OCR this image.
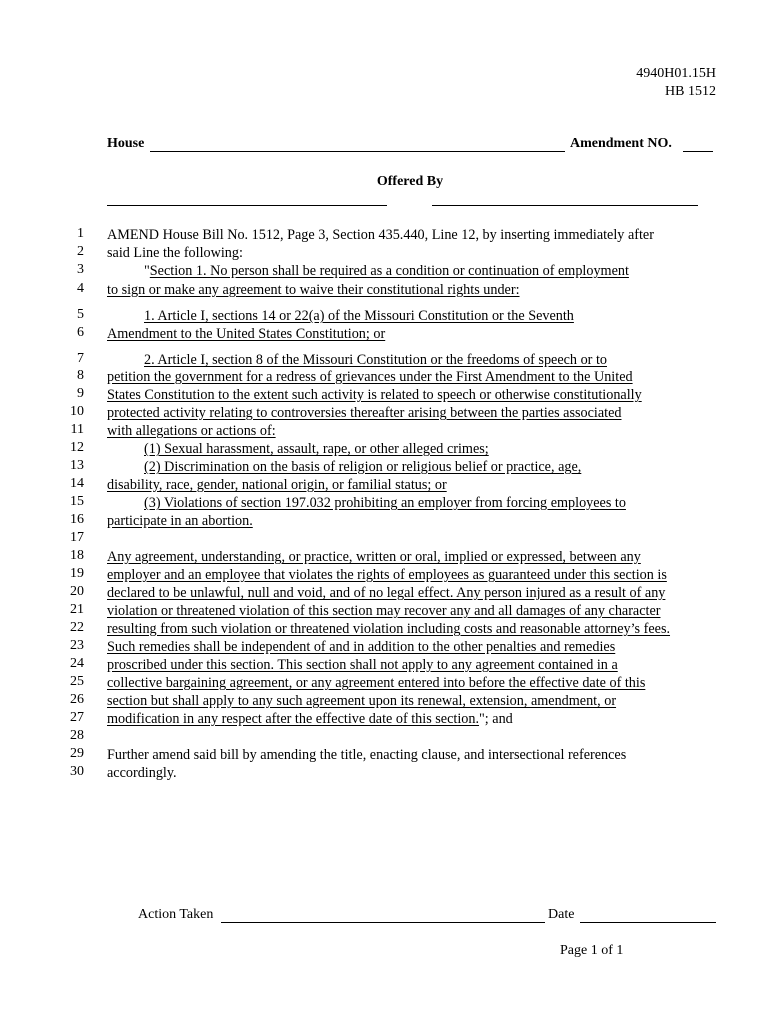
4940H01.15H
HB 1512
House	Amendment NO.
Offered By
1 AMEND House Bill No. 1512, Page 3, Section 435.440, Line 12, by inserting immediately after
2 said Line the following:
3	"Section 1. No person shall be required as a condition or continuation of employment
4 to sign or make any agreement to waive their constitutional rights under:
5	1. Article I, sections 14 or 22(a) of the Missouri Constitution or the Seventh
6 Amendment to the United States Constitution; or
7	2. Article I, section 8 of the Missouri Constitution or the freedoms of speech or to
8 petition the government for a redress of grievances under the First Amendment to the United
9 States Constitution to the extent such activity is related to speech or otherwise constitutionally
10 protected activity relating to controversies thereafter arising between the parties associated
11 with allegations or actions of:
12	(1) Sexual harassment, assault, rape, or other alleged crimes;
13	(2) Discrimination on the basis of religion or religious belief or practice, age,
14 disability, race, gender, national origin, or familial status; or
15	(3) Violations of section 197.032 prohibiting an employer from forcing employees to
16 participate in an abortion.
17
18 Any agreement, understanding, or practice, written or oral, implied or expressed, between any
19 employer and an employee that violates the rights of employees as guaranteed under this section is
20 declared to be unlawful, null and void, and of no legal effect. Any person injured as a result of any
21 violation or threatened violation of this section may recover any and all damages of any character
22 resulting from such violation or threatened violation including costs and reasonable attorney’s fees.
23 Such remedies shall be independent of and in addition to the other penalties and remedies
24 proscribed under this section. This section shall not apply to any agreement contained in a
25 collective bargaining agreement, or any agreement entered into before the effective date of this
26 section but shall apply to any such agreement upon its renewal, extension, amendment, or
27 modification in any respect after the effective date of this section."; and
28
29 Further amend said bill by amending the title, enacting clause, and intersectional references
30 accordingly.
Action Taken	Date
Page 1 of 1
